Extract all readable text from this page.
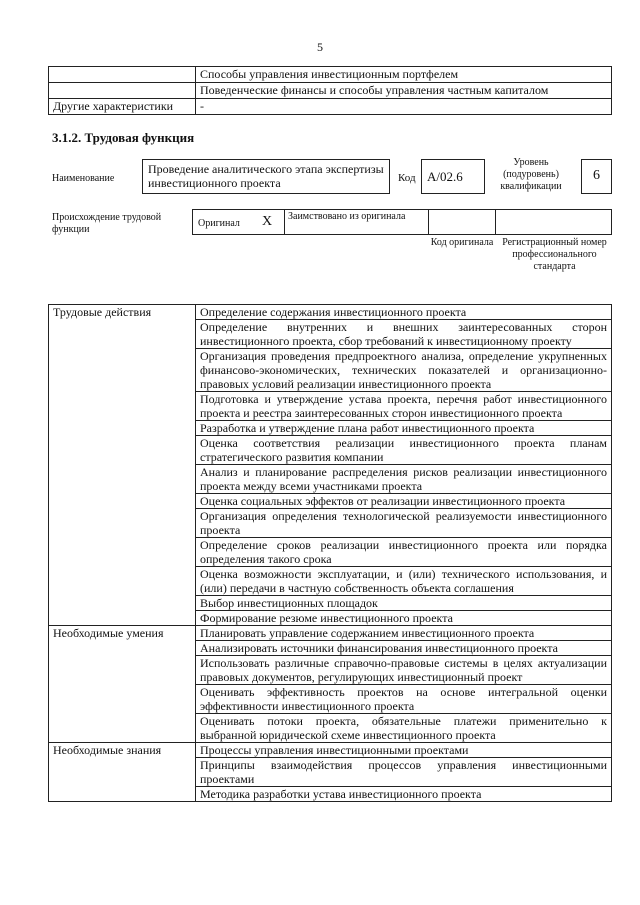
5
	Способы управления инвестиционным портфелем
	Поведенческие финансы и способы управления частным капиталом
Другие характеристики	-
3.1.2. Трудовая функция
Наименование
Проведение аналитического этапа экспертизы инвестиционного проекта	Код A/02.6
Уровень (подуровень) квалификации
6
Происхождение трудовой функции
Оригинал X Заимствовано из оригинала
Код оригинала Регистрационный номер профессионального стандарта
Трудовые действия	Определение содержания инвестиционного проекта
	Определение внутренних и внешних заинтересованных сторон инвестиционного проекта, сбор требований к инвестиционному проекту
	Организация проведения предпроектного анализа, определение укрупненных финансово-экономических, технических показателей и организационно-правовых условий реализации инвестиционного проекта
	Подготовка и утверждение устава проекта, перечня работ инвестиционного проекта и реестра заинтересованных сторон инвестиционного проекта
	Разработка и утверждение плана работ инвестиционного проекта
	Оценка соответствия реализации инвестиционного проекта планам стратегического развития компании
	Анализ и планирование распределения рисков реализации инвестиционного проекта между всеми участниками проекта
	Оценка социальных эффектов от реализации инвестиционного проекта
	Организация определения технологической реализуемости инвестиционного проекта
	Определение сроков реализации инвестиционного проекта или порядка определения такого срока
	Оценка возможности эксплуатации, и (или) технического использования, и (или) передачи в частную собственность объекта соглашения
	Выбор инвестиционных площадок
	Формирование резюме инвестиционного проекта
Необходимые умения	Планировать управление содержанием инвестиционного проекта
	Анализировать источники финансирования инвестиционного проекта
	Использовать различные справочно-правовые системы в целях актуализации правовых документов, регулирующих инвестиционный проект
	Оценивать эффективность проектов на основе интегральной оценки эффективности инвестиционного проекта
	Оценивать потоки проекта, обязательные платежи применительно к выбранной юридической схеме инвестиционного проекта
Необходимые знания	Процессы управления инвестиционными проектами
	Принципы взаимодействия процессов управления инвестиционными проектами
	Методика разработки устава инвестиционного проекта
